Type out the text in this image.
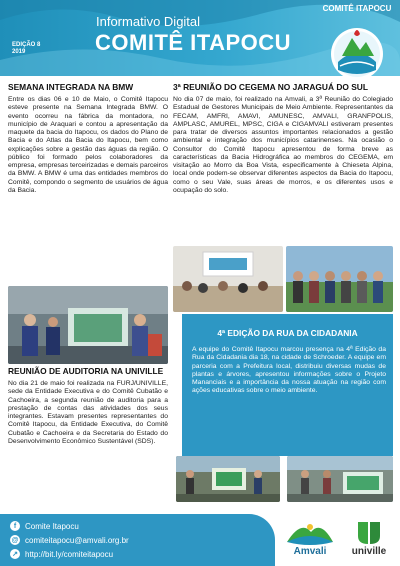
EDIÇÃO 8
2019
Informativo Digital
COMITÊ ITAPOCU
COMITÊ ITAPOCU
SEMANA INTEGRADA NA BMW

Entre os dias 06 e 10 de Maio, o Comitê Itapocu esteve presente na Semana Integrada BMW. O evento ocorreu na fábrica da montadora, no município de Araquari e contou a apresentação da maquete da bacia do Itapocu, os dados do Plano de Bacia e do Atlas da Bacia do Itapocu, bem como explicações sobre a gestão das águas da região. O público foi formado pelos colaboradores da empresa, empresas terceirizadas e demais parceiros da BMW. A BMW é uma das entidades membros do Comitê, compondo o segmento de usuários de água da Bacia.

REUNIÃO DE AUDITORIA NA UNIVILLE

No dia 21 de maio foi realizada na FURJ/UNIVILLE, sede da Entidade Executiva e do Comitê Cubatão e Cachoeira, a segunda reunião de auditoria para a prestação de contas das atividades dos seus integrantes. Estavam presentes representantes do Comitê Itapocu, da Entidade Executiva, do Comitê Cubatão e Cachoeira e da Secretaria do Estado do Desenvolvimento Econômico Sustentável (SDS).

3ª REUNIÃO DO CEGEMA NO JARAGUÁ DO SUL

No dia 07 de maio, foi realizado na Amvali, a 3ª Reunião do Colegiado Estadual de Gestores Municipais de Meio Ambiente. Representantes da FECAM, AMFRI, AMAVI, AMUNESC, AMVALI, GRANFPOLIS, AMPLASC, AMUREL, MPSC, CIGA e CIGAMVALI estiveram presentes para tratar de diversos assuntos importantes relacionados a gestão ambiental e integração dos municípios catarinenses. Na ocasião o Consultor do Comitê Itapocu apresentou de forma breve as características da Bacia Hidrográfica ao membros do CEGEMA, em visitação ao Morro da Boa Vista, especificamente à Chieseta Alpina, local onde podem-se observar diferentes aspectos da Bacia do Itapocu, como o seu Vale, suas áreas de morros, e os diferentes usos e ocupação do solo.

4ª EDIÇÃO DA RUA DA CIDADANIA

A equipe do Comitê Itapocu marcou presença na 4ª Edição da Rua da Cidadania dia 18, na cidade de Schroeder. A equipe em parceria com a Prefeitura local, distribuiu diversas mudas de plantas e árvores, apresentou informações sobre o Projeto Mananciais e a importância da nossa atuação na região com ações educativas sobre o meio ambiente.

f	Comite Itapocu
@ comiteitapocu@amvali.org.br
↗ http://bit.ly/comiteitapocu	Amvali	univille
